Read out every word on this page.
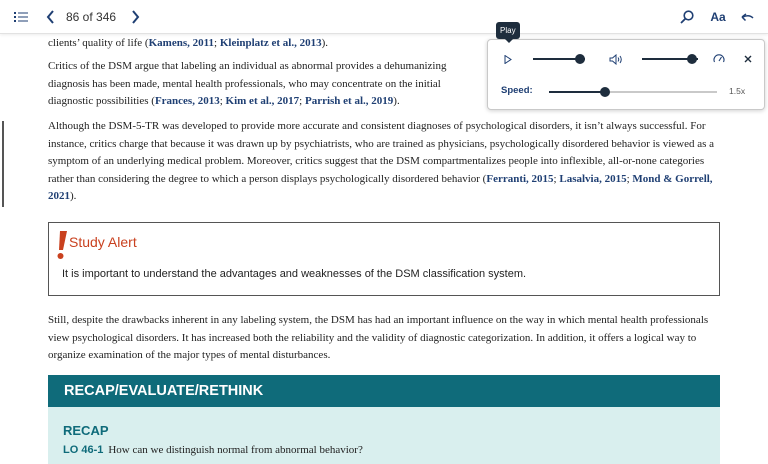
86 of 346	Aa
clients’ quality of life (Kamens, 2011; Kleinplatz et al., 2013).
Critics of the DSM argue that labeling an individual as abnormal provides a dehumanizing
diagnosis has been made, mental health professionals, who may concentrate on the initial
diagnostic possibilities (Frances, 2013; Kim et al., 2017; Parrish et al., 2019).
Although the DSM-5-TR was developed to provide more accurate and consistent diagnoses of psychological disorders, it isn’t always successful. For instance, critics charge that because it was drawn up by psychiatrists, who are trained as physicians, psychologically disordered behavior is viewed as a symptom of an underlying medical problem. Moreover, critics suggest that the DSM compartmentalizes people into inflexible, all-or-none categories rather than considering the degree to which a person displays psychologically disordered behavior (Ferranti, 2015; Lasalvia, 2015; Mond & Gorrell, 2021).
Still, despite the drawbacks inherent in any labeling system, the DSM has had an important influence on the way in which mental health professionals view psychological disorders. It has increased both the reliability and the validity of diagnostic categorization. In addition, it offers a logical way to organize examination of the major types of mental disturbances.
Study Alert
It is important to understand the advantages and weaknesses of the DSM classification system.
RECAP/EVALUATE/RETHINK
RECAP
LO 46-1 How can we distinguish normal from abnormal behavior?
Play
Speed:	1.5x
